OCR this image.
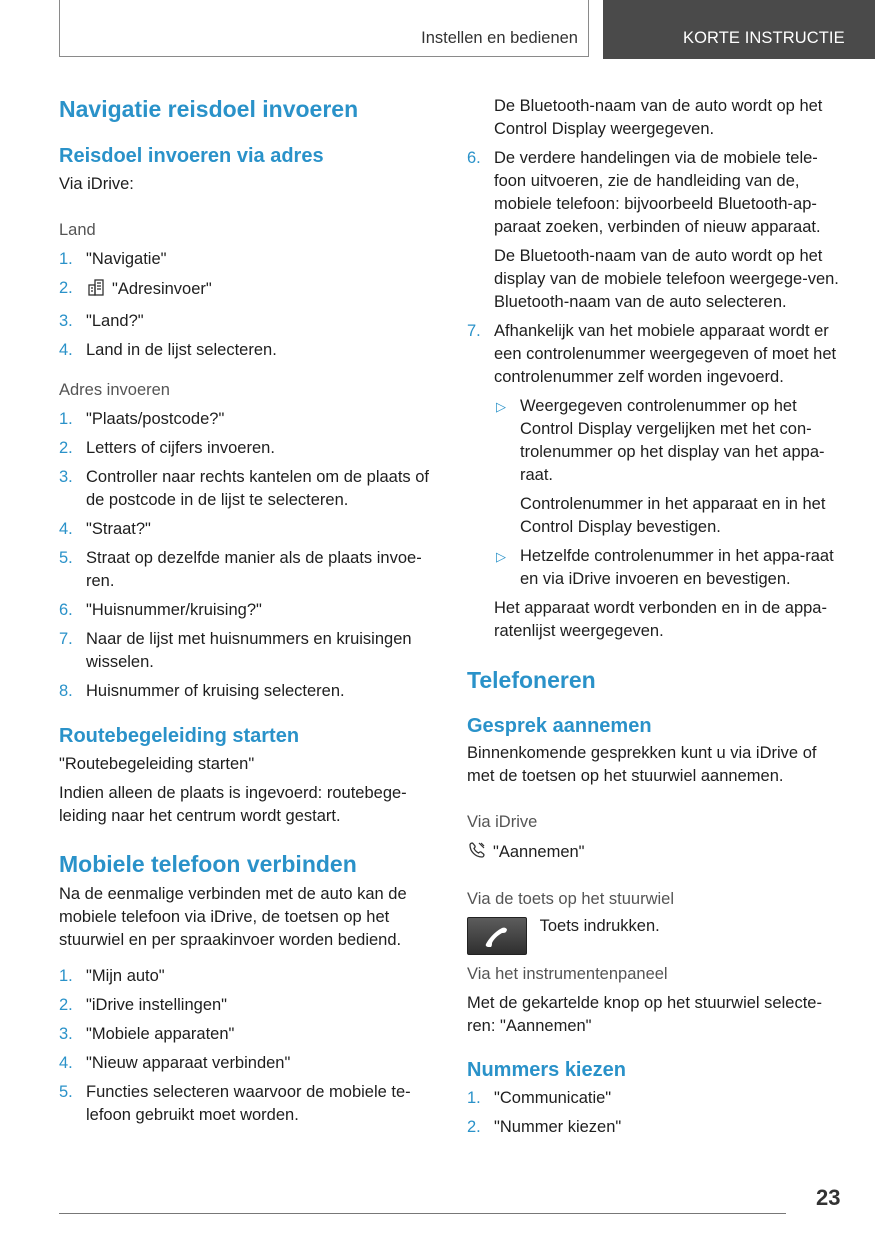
Instellen en bedienen	KORTE INSTRUCTIE
Navigatie reisdoel invoeren
Reisdoel invoeren via adres

Via iDrive:

Land

1. "Navigatie"
2. "Adresinvoer"
3. "Land?"
4. Land in de lijst selecteren.

Adres invoeren

1. "Plaats/postcode?"
2. Letters of cijfers invoeren.
3. Controller naar rechts kantelen om de plaats of de postcode in de lijst te selecteren.
4. "Straat?"
5. Straat op dezelfde manier als de plaats invoe-ren.
6. "Huisnummer/kruising?"
7. Naar de lijst met huisnummers en kruisingen wisselen.
8. Huisnummer of kruising selecteren.
Routebegeleiding starten

"Routebegeleiding starten"

Indien alleen de plaats is ingevoerd: routebege-leiding naar het centrum wordt gestart.

Mobiele telefoon verbinden

Na de eenmalige verbinden met de auto kan de mobiele telefoon via iDrive, de toetsen op het stuurwiel en per spraakinvoer worden bediend.

1. "Mijn auto"
2. "iDrive instellingen"
3. "Mobiele apparaten"
4. "Nieuw apparaat verbinden"
5. Functies selecteren waarvoor de mobiele te-lefoon gebruikt moet worden.

De Bluetooth-naam van de auto wordt op het Control Display weergegeven.

6. De verdere handelingen via de mobiele tele-foon uitvoeren, zie de handleiding van de, mobiele telefoon: bijvoorbeeld Bluetooth-ap-paraat zoeken, verbinden of nieuw apparaat.

De Bluetooth-naam van de auto wordt op het display van de mobiele telefoon weergege-ven. Bluetooth-naam van de auto selecteren.

7. Afhankelijk van het mobiele apparaat wordt er een controlenummer weergegeven of moet het controlenummer zelf worden ingevoerd.
▷ Weergegeven controlenummer op het Control Display vergelijken met het con-trolenummer op het display van het appa-raat.
Controlenummer in het apparaat en in het Control Display bevestigen.
▷ Hetzelfde controlenummer in het appa-raat en via iDrive invoeren en bevestigen.

Het apparaat wordt verbonden en in de appa-ratenlijst weergegeven.

Telefoneren
Gesprek aannemen

Binnenkomende gesprekken kunt u via iDrive of met de toetsen op het stuurwiel aannemen.

Via iDrive

"Aannemen"

Via de toets op het stuurwiel

Toets indrukken.

Via het instrumentenpaneel

Met de gekartelde knop op het stuurwiel selecte-ren: "Aannemen"

Nummers kiezen
1. "Communicatie"
2. "Nummer kiezen"
23
